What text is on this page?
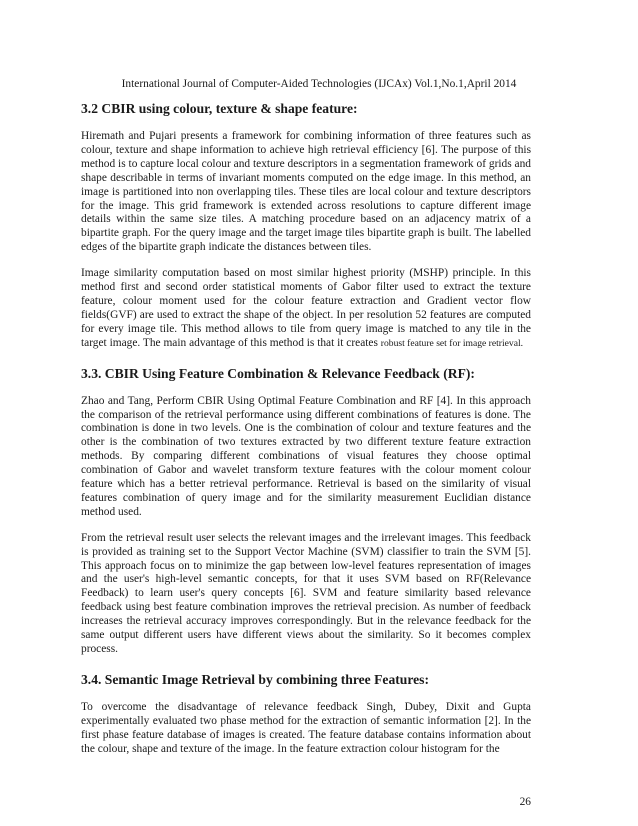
International Journal of Computer-Aided Technologies (IJCAx) Vol.1,No.1,April 2014
3.2 CBIR using colour, texture & shape feature:

Hiremath and Pujari presents a framework for combining information of three features such as colour, texture and shape information to achieve high retrieval efficiency [6]. The purpose of this method is to capture local colour and texture descriptors in a segmentation framework of grids and shape describable in terms of invariant moments computed on the edge image. In this method, an image is partitioned into non overlapping tiles. These tiles are local colour and texture descriptors for the image. This grid framework is extended across resolutions to capture different image details within the same size tiles. A matching procedure based on an adjacency matrix of a bipartite graph. For the query image and the target image tiles bipartite graph is built. The labelled edges of the bipartite graph indicate the distances between tiles.

Image similarity computation based on most similar highest priority (MSHP) principle. In this method first and second order statistical moments of Gabor filter used to extract the texture feature, colour moment used for the colour feature extraction and Gradient vector flow fields(GVF) are used to extract the shape of the object. In per resolution 52 features are computed for every image tile. This method allows to tile from query image is matched to any tile in the target image. The main advantage of this method is that it creates robust feature set for image retrieval.

3.3. CBIR Using Feature Combination & Relevance Feedback (RF):

Zhao and Tang, Perform CBIR Using Optimal Feature Combination and RF [4]. In this approach the comparison of the retrieval performance using different combinations of features is done. The combination is done in two levels. One is the combination of colour and texture features and the other is the combination of two textures extracted by two different texture feature extraction methods. By comparing different combinations of visual features they choose optimal combination of Gabor and wavelet transform texture features with the colour moment colour feature which has a better retrieval performance. Retrieval is based on the similarity of visual features combination of query image and for the similarity measurement Euclidian distance method used.

From the retrieval result user selects the relevant images and the irrelevant images. This feedback is provided as training set to the Support Vector Machine (SVM) classifier to train the SVM [5]. This approach focus on to minimize the gap between low-level features representation of images and the user's high-level semantic concepts, for that it uses SVM based on RF(Relevance Feedback) to learn user's query concepts [6]. SVM and feature similarity based relevance feedback using best feature combination improves the retrieval precision. As number of feedback increases the retrieval accuracy improves correspondingly. But in the relevance feedback for the same output different users have different views about the similarity. So it becomes complex process.

3.4. Semantic Image Retrieval by combining three Features:

To overcome the disadvantage of relevance feedback Singh, Dubey, Dixit and Gupta experimentally evaluated two phase method for the extraction of semantic information [2]. In the first phase feature database of images is created. The feature database contains information about the colour, shape and texture of the image. In the feature extraction colour histogram for the

26
